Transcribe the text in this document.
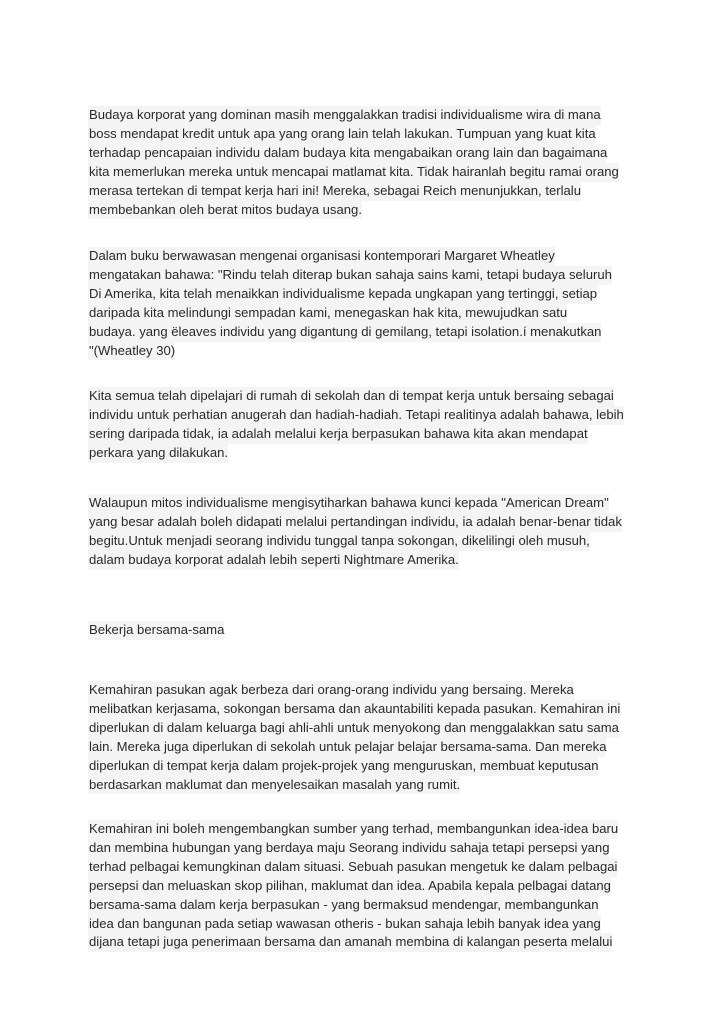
Budaya korporat yang dominan masih menggalakkan tradisi individualisme wira di mana
boss mendapat kredit untuk apa yang orang lain telah lakukan. Tumpuan yang kuat kita
terhadap pencapaian individu dalam budaya kita mengabaikan orang lain dan bagaimana
kita memerlukan mereka untuk mencapai matlamat kita. Tidak hairanlah begitu ramai orang
merasa tertekan di tempat kerja hari ini! Mereka, sebagai Reich menunjukkan, terlalu
membebankan oleh berat mitos budaya usang.
Dalam buku berwawasan mengenai organisasi kontemporari Margaret Wheatley
mengatakan bahawa: "Rindu telah diterap bukan sahaja sains kami, tetapi budaya seluruh
Di Amerika, kita telah menaikkan individualisme kepada ungkapan yang tertinggi, setiap
daripada kita melindungi sempadan kami, menegaskan hak kita, mewujudkan satu
budaya. yang ëleaves individu yang digantung di gemilang, tetapi isolation.í menakutkan
"(Wheatley 30)
Kita semua telah dipelajari di rumah di sekolah dan di tempat kerja untuk bersaing sebagai
individu untuk perhatian anugerah dan hadiah-hadiah. Tetapi realitinya adalah bahawa, lebih
sering daripada tidak, ia adalah melalui kerja berpasukan bahawa kita akan mendapat
perkara yang dilakukan.
Walaupun mitos individualisme mengisytiharkan bahawa kunci kepada "American Dream"
yang besar adalah boleh didapati melalui pertandingan individu, ia adalah benar-benar tidak
begitu.Untuk menjadi seorang individu tunggal tanpa sokongan, dikelilingi oleh musuh,
dalam budaya korporat adalah lebih seperti Nightmare Amerika.
Bekerja bersama-sama
Kemahiran pasukan agak berbeza dari orang-orang individu yang bersaing. Mereka
melibatkan kerjasama, sokongan bersama dan akauntabiliti kepada pasukan. Kemahiran ini
diperlukan di dalam keluarga bagi ahli-ahli untuk menyokong dan menggalakkan satu sama
lain. Mereka juga diperlukan di sekolah untuk pelajar belajar bersama-sama. Dan mereka
diperlukan di tempat kerja dalam projek-projek yang menguruskan, membuat keputusan
berdasarkan maklumat dan menyelesaikan masalah yang rumit.
Kemahiran ini boleh mengembangkan sumber yang terhad, membangunkan idea-idea baru
dan membina hubungan yang berdaya maju Seorang individu sahaja tetapi persepsi yang
terhad pelbagai kemungkinan dalam situasi. Sebuah pasukan mengetuk ke dalam pelbagai
persepsi dan meluaskan skop pilihan, maklumat dan idea. Apabila kepala pelbagai datang
bersama-sama dalam kerja berpasukan - yang bermaksud mendengar, membangunkan
idea dan bangunan pada setiap wawasan otheris - bukan sahaja lebih banyak idea yang
dijana tetapi juga penerimaan bersama dan amanah membina di kalangan peserta melalui
